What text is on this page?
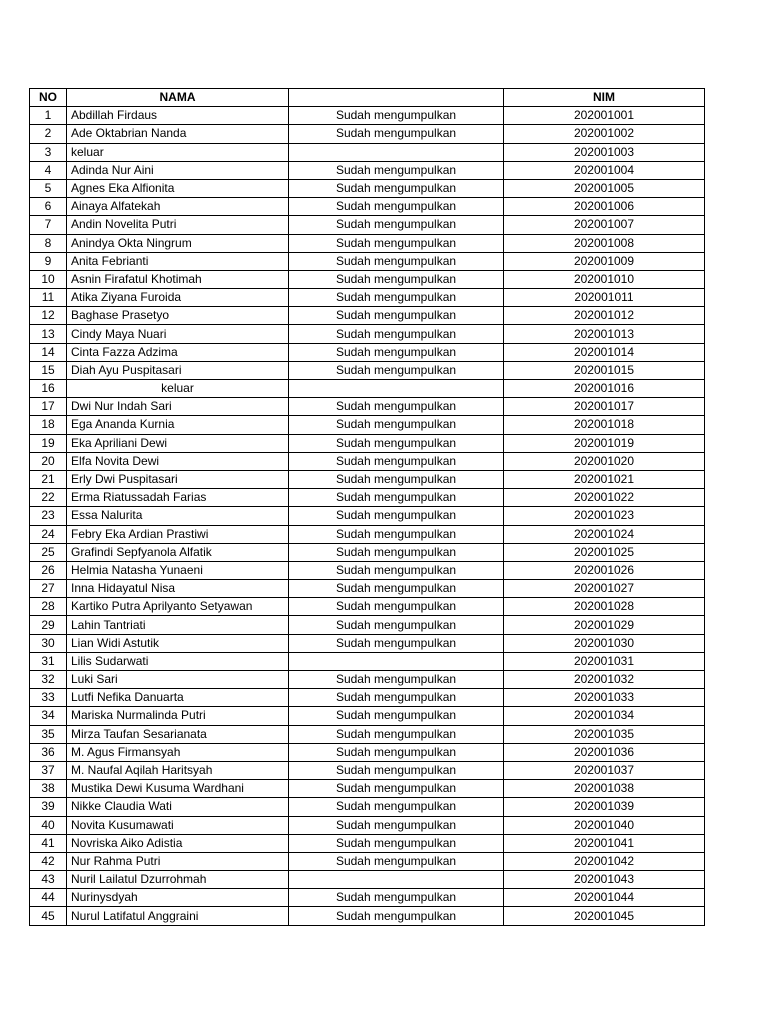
NO	NAMA		NIM
1	Abdillah Firdaus	Sudah mengumpulkan	202001001
2	Ade Oktabrian Nanda	Sudah mengumpulkan	202001002
3	keluar		202001003
4	Adinda Nur Aini	Sudah mengumpulkan	202001004
5	Agnes Eka Alfionita	Sudah mengumpulkan	202001005
6	Ainaya Alfatekah	Sudah mengumpulkan	202001006
7	Andin Novelita Putri	Sudah mengumpulkan	202001007
8	Anindya Okta Ningrum	Sudah mengumpulkan	202001008
9	Anita Febrianti	Sudah mengumpulkan	202001009
10	Asnin Firafatul Khotimah	Sudah mengumpulkan	202001010
11	Atika Ziyana Furoida	Sudah mengumpulkan	202001011
12	Baghase Prasetyo	Sudah mengumpulkan	202001012
13	Cindy Maya Nuari	Sudah mengumpulkan	202001013
14	Cinta Fazza Adzima	Sudah mengumpulkan	202001014
15	Diah Ayu Puspitasari	Sudah mengumpulkan	202001015
16	keluar		202001016
17	Dwi Nur Indah Sari	Sudah mengumpulkan	202001017
18	Ega Ananda Kurnia	Sudah mengumpulkan	202001018
19	Eka Apriliani Dewi	Sudah mengumpulkan	202001019
20	Elfa Novita Dewi	Sudah mengumpulkan	202001020
21	Erly Dwi Puspitasari	Sudah mengumpulkan	202001021
22	Erma Riatussadah Farias	Sudah mengumpulkan	202001022
23	Essa Nalurita	Sudah mengumpulkan	202001023
24	Febry Eka Ardian Prastiwi	Sudah mengumpulkan	202001024
25	Grafindi Sepfyanola Alfatik	Sudah mengumpulkan	202001025
26	Helmia Natasha Yunaeni	Sudah mengumpulkan	202001026
27	Inna Hidayatul Nisa	Sudah mengumpulkan	202001027
28	Kartiko Putra Aprilyanto Setyawan	Sudah mengumpulkan	202001028
29	Lahin Tantriati	Sudah mengumpulkan	202001029
30	Lian Widi Astutik	Sudah mengumpulkan	202001030
31	Lilis Sudarwati		202001031
32	Luki Sari	Sudah mengumpulkan	202001032
33	Lutfi Nefika Danuarta	Sudah mengumpulkan	202001033
34	Mariska Nurmalinda Putri	Sudah mengumpulkan	202001034
35	Mirza Taufan Sesarianata	Sudah mengumpulkan	202001035
36	M. Agus Firmansyah	Sudah mengumpulkan	202001036
37	M. Naufal Aqilah Haritsyah	Sudah mengumpulkan	202001037
38	Mustika Dewi Kusuma Wardhani	Sudah mengumpulkan	202001038
39	Nikke Claudia Wati	Sudah mengumpulkan	202001039
40	Novita Kusumawati	Sudah mengumpulkan	202001040
41	Novriska Aiko Adistia	Sudah mengumpulkan	202001041
42	Nur Rahma Putri	Sudah mengumpulkan	202001042
43	Nuril Lailatul Dzurrohmah		202001043
44	Nurinysdyah	Sudah mengumpulkan	202001044
45	Nurul Latifatul Anggraini	Sudah mengumpulkan	202001045
